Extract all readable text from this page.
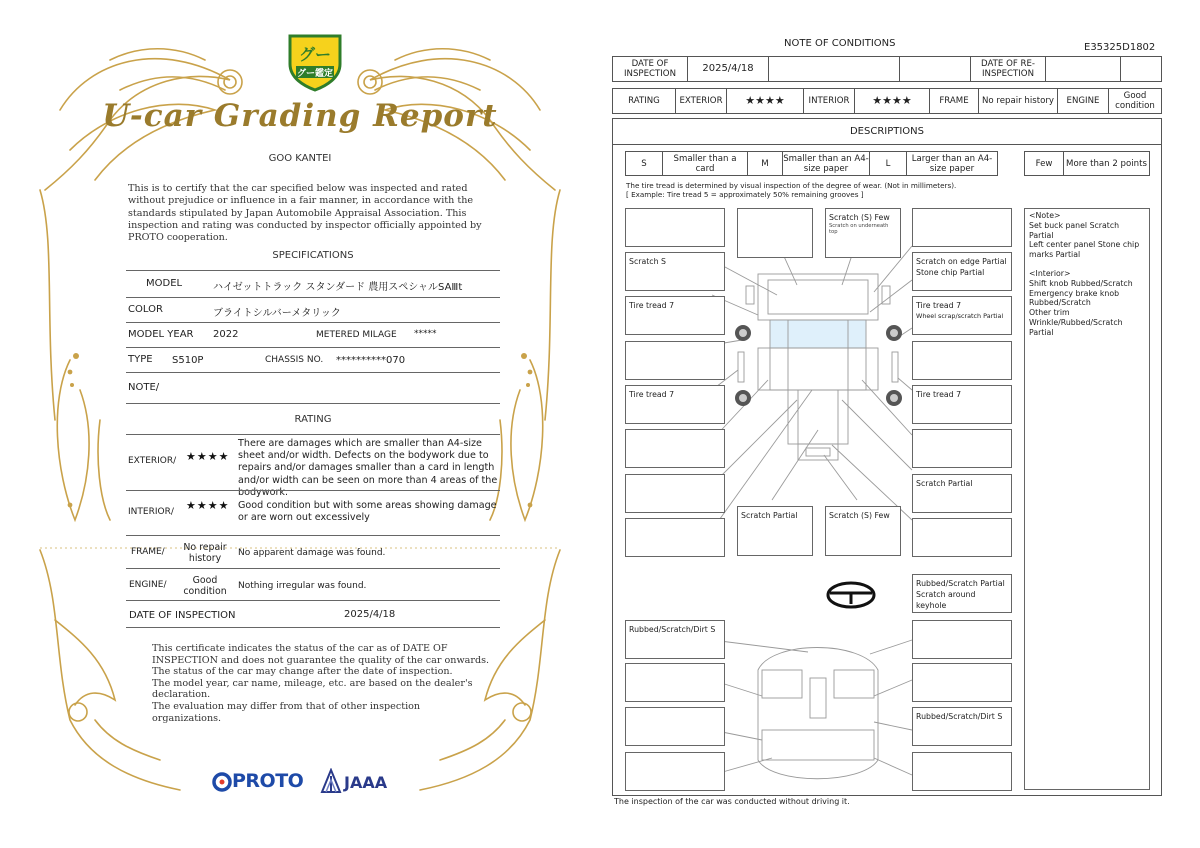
グー
グー鑑定
U-car Grading Report
GOO KANTEI
This is to certify that the car specified below was inspected and rated without prejudice or influence in a fair manner, in accordance with the standards stipulated by Japan Automobile Appraisal Association. This inspection and rating was conducted by inspector officially appointed by PROTO cooperation.
SPECIFICATIONS
MODEL	ハイゼットトラック スタンダード 農用スペシャルSAⅢt
COLOR	ブライトシルバーメタリック
MODEL YEAR 2022	METERED MILAGE *****
TYPE S510P	CHASSIS NO. **********070
NOTE/
RATING
EXTERIOR/ ★★★★
There are damages which are smaller than A4-size sheet and/or width. Defects on the bodywork due to repairs and/or damages smaller than a card in length and/or width can be seen on more than 4 areas of the bodywork.
INTERIOR/ ★★★★ Good condition but with some areas showing damage or are worn out excessively
FRAME/	No repair history
No apparent damage was found.
ENGINE/	Good condition
Nothing irregular was found.
DATE OF INSPECTION	2025/4/18
This certificate indicates the status of the car as of DATE OF
INSPECTION and does not guarantee the quality of the car onwards.
The status of the car may change after the date of inspection.
The model year, car name, mileage, etc. are based on the dealer's
declaration.
The evaluation may differ from that of other inspection organizations.
PROTO	JAAA
NOTE OF CONDITIONS	E35325D1802
DATE OF INSPECTION	2025/4/18			DATE OF RE-INSPECTION		
RATING	EXTERIOR	★★★★	INTERIOR	★★★★	FRAME	No repair history	ENGINE	Good condition
DESCRIPTIONS
S	Smaller than a card	M	Smaller than an A4-size paper	L	Larger than an A4-size paper	Few	More than 2 points
The tire tread is determined by visual inspection of the degree of wear. (Not in millimeters).
[ Example: Tire tread 5 = approximately 50% remaining grooves ]
Scratch S
Tire tread 7
Tire tread 7
Rubbed/Scratch/Dirt S
Scratch (S) Few
Scratch on underneath top
Scratch Partial	Scratch (S) Few
Scratch on edge Partial
Stone chip Partial
Tire tread 7
Wheel scrap/scratch Partial
Tire tread 7
Scratch Partial
Rubbed/Scratch Partial
Scratch around keyhole
Rubbed/Scratch/Dirt S
<Note>
Set buck panel Scratch Partial
Left center panel Stone chip marks Partial
<Interior>
Shift knob Rubbed/Scratch
Emergency brake knob Rubbed/Scratch
Other trim
Wrinkle/Rubbed/Scratch Partial
The inspection of the car was conducted without driving it.
